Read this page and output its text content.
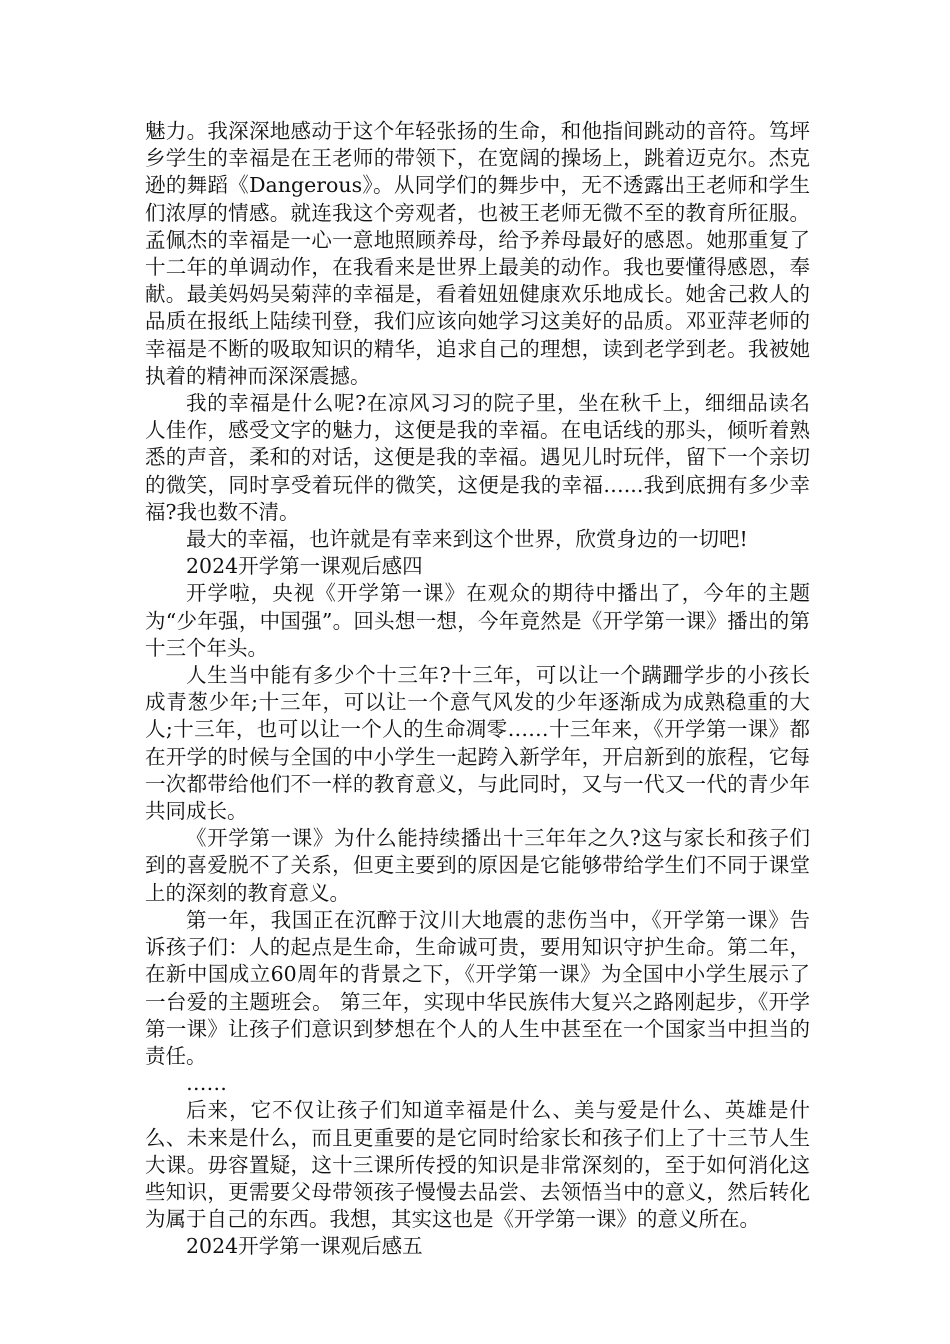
魅力。我深深地感动于这个年轻张扬的生命，和他指间跳动的音符。笃坪乡学生的幸福是在王老师的带领下，在宽阔的操场上，跳着迈克尔。杰克逊的舞蹈《Dangerous》。从同学们的舞步中，无不透露出王老师和学生们浓厚的情感。就连我这个旁观者，也被王老师无微不至的教育所征服。孟佩杰的幸福是一心一意地照顾养母，给予养母最好的感恩。她那重复了十二年的单调动作，在我看来是世界上最美的动作。我也要懂得感恩，奉献。最美妈妈吴菊萍的幸福是，看着妞妞健康欢乐地成长。她舍己救人的品质在报纸上陆续刊登，我们应该向她学习这美好的品质。邓亚萍老师的幸福是不断的吸取知识的精华，追求自己的理想，读到老学到老。我被她执着的精神而深深震撼。

我的幸福是什么呢?在凉风习习的院子里，坐在秋千上，细细品读名人佳作，感受文字的魅力，这便是我的幸福。在电话线的那头，倾听着熟悉的声音，柔和的对话，这便是我的幸福。遇见儿时玩伴，留下一个亲切的微笑，同时享受着玩伴的微笑，这便是我的幸福…...我到底拥有多少幸福?我也数不清。

最大的幸福，也许就是有幸来到这个世界，欣赏身边的一切吧!

2024开学第一课观后感四

开学啦，央视《开学第一课》在观众的期待中播出了，今年的主题为“少年强，中国强”。回头想一想，今年竟然是《开学第一课》播出的第十三个年头。

人生当中能有多少个十三年?十三年，可以让一个蹒跚学步的小孩长成青葱少年;十三年，可以让一个意气风发的少年逐渐成为成熟稳重的大人;十三年，也可以让一个人的生命凋零……十三年来，《开学第一课》都在开学的时候与全国的中小学生一起跨入新学年，开启新到的旅程，它每一次都带给他们不一样的教育意义，与此同时，又与一代又一代的青少年共同成长。

《开学第一课》为什么能持续播出十三年年之久?这与家长和孩子们到的喜爱脱不了关系，但更主要到的原因是它能够带给学生们不同于课堂上的深刻的教育意义。

第一年，我国正在沉醉于汶川大地震的悲伤当中，《开学第一课》告诉孩子们：人的起点是生命，生命诚可贵，要用知识守护生命。第二年，在新中国成立60周年的背景之下，《开学第一课》为全国中小学生展示了一台爱的主题班会。 第三年，实现中华民族伟大复兴之路刚起步，《开学第一课》让孩子们意识到梦想在个人的人生中甚至在一个国家当中担当的责任。

……

后来，它不仅让孩子们知道幸福是什么、美与爱是什么、英雄是什么、未来是什么，而且更重要的是它同时给家长和孩子们上了十三节人生大课。毋容置疑，这十三课所传授的知识是非常深刻的，至于如何消化这些知识，更需要父母带领孩子慢慢去品尝、去领悟当中的意义，然后转化为属于自己的东西。我想，其实这也是《开学第一课》的意义所在。

2024开学第一课观后感五
